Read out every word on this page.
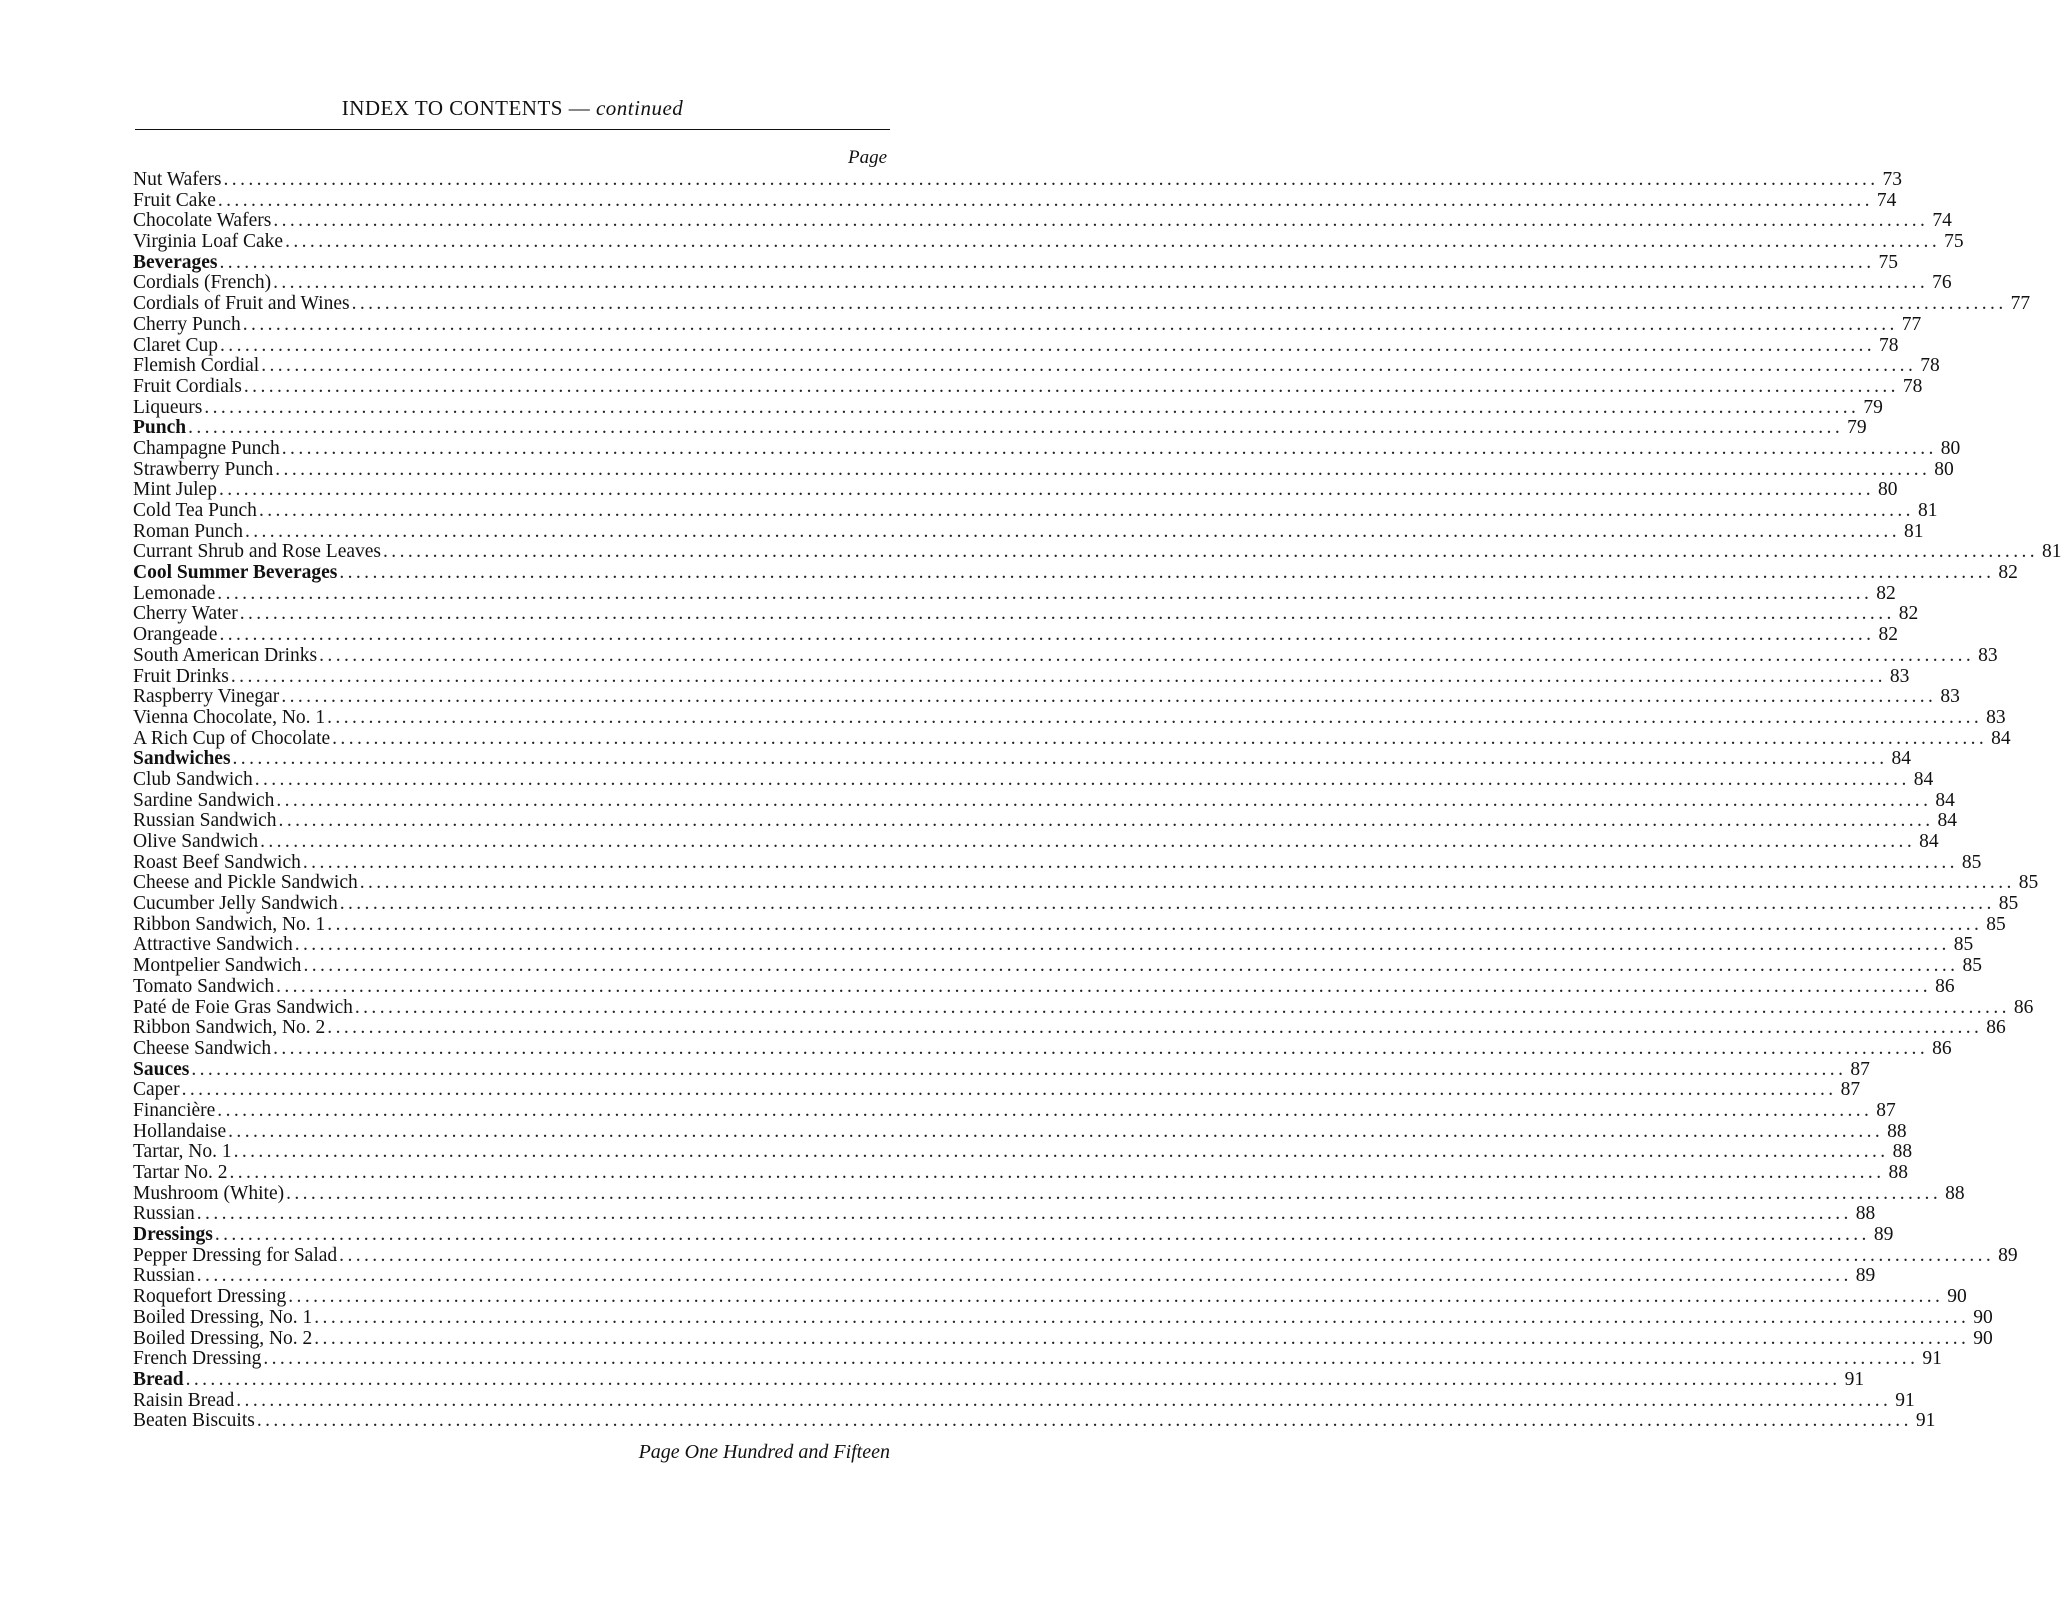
INDEX TO CONTENTS — continued
Page
Nut Wafers ........................................................................................................................................................................................................ 73
Fruit Cake ........................................................................................................................................................................................................ 74
Chocolate Wafers ........................................................................................................................................................................................................ 74
Virginia Loaf Cake ........................................................................................................................................................................................................ 75
Beverages ........................................................................................................................................................................................................ 75
Cordials (French) ........................................................................................................................................................................................................ 76
Cordials of Fruit and Wines ........................................................................................................................................................................................................ 77
Cherry Punch ........................................................................................................................................................................................................ 77
Claret Cup ........................................................................................................................................................................................................ 78
Flemish Cordial ........................................................................................................................................................................................................ 78
Fruit Cordials ........................................................................................................................................................................................................ 78
Liqueurs ........................................................................................................................................................................................................ 79
Punch ........................................................................................................................................................................................................ 79
Champagne Punch ........................................................................................................................................................................................................ 80
Strawberry Punch ........................................................................................................................................................................................................ 80
Mint Julep ........................................................................................................................................................................................................ 80
Cold Tea Punch ........................................................................................................................................................................................................ 81
Roman Punch ........................................................................................................................................................................................................ 81
Currant Shrub and Rose Leaves ........................................................................................................................................................................................................ 81
Cool Summer Beverages ........................................................................................................................................................................................................ 82
Lemonade ........................................................................................................................................................................................................ 82
Cherry Water ........................................................................................................................................................................................................ 82
Orangeade ........................................................................................................................................................................................................ 82
South American Drinks ........................................................................................................................................................................................................ 83
Fruit Drinks ........................................................................................................................................................................................................ 83
Raspberry Vinegar ........................................................................................................................................................................................................ 83
Vienna Chocolate, No. 1 ........................................................................................................................................................................................................ 83
A Rich Cup of Chocolate ........................................................................................................................................................................................................ 84
Sandwiches ........................................................................................................................................................................................................ 84
Club Sandwich ........................................................................................................................................................................................................ 84
Sardine Sandwich ........................................................................................................................................................................................................ 84
Russian Sandwich ........................................................................................................................................................................................................ 84
Olive Sandwich ........................................................................................................................................................................................................ 84
Roast Beef Sandwich ........................................................................................................................................................................................................ 85
Cheese and Pickle Sandwich ........................................................................................................................................................................................................ 85
Cucumber Jelly Sandwich ........................................................................................................................................................................................................ 85
Ribbon Sandwich, No. 1 ........................................................................................................................................................................................................ 85
Attractive Sandwich ........................................................................................................................................................................................................ 85
Montpelier Sandwich ........................................................................................................................................................................................................ 85
Tomato Sandwich ........................................................................................................................................................................................................ 86
Paté de Foie Gras Sandwich ........................................................................................................................................................................................................ 86
Ribbon Sandwich, No. 2 ........................................................................................................................................................................................................ 86
Cheese Sandwich ........................................................................................................................................................................................................ 86
Sauces ........................................................................................................................................................................................................ 87
Caper ........................................................................................................................................................................................................ 87
Financière ........................................................................................................................................................................................................ 87
Hollandaise ........................................................................................................................................................................................................ 88
Tartar, No. 1 ........................................................................................................................................................................................................ 88
Tartar No. 2 ........................................................................................................................................................................................................ 88
Mushroom (White) ........................................................................................................................................................................................................ 88
Russian ........................................................................................................................................................................................................ 88
Dressings ........................................................................................................................................................................................................ 89
Pepper Dressing for Salad ........................................................................................................................................................................................................ 89
Russian ........................................................................................................................................................................................................ 89
Roquefort Dressing ........................................................................................................................................................................................................ 90
Boiled Dressing, No. 1 ........................................................................................................................................................................................................ 90
Boiled Dressing, No. 2 ........................................................................................................................................................................................................ 90
French Dressing ........................................................................................................................................................................................................ 91
Bread ........................................................................................................................................................................................................ 91
Raisin Bread ........................................................................................................................................................................................................ 91
Beaten Biscuits ........................................................................................................................................................................................................ 91
Page One Hundred and Fifteen
